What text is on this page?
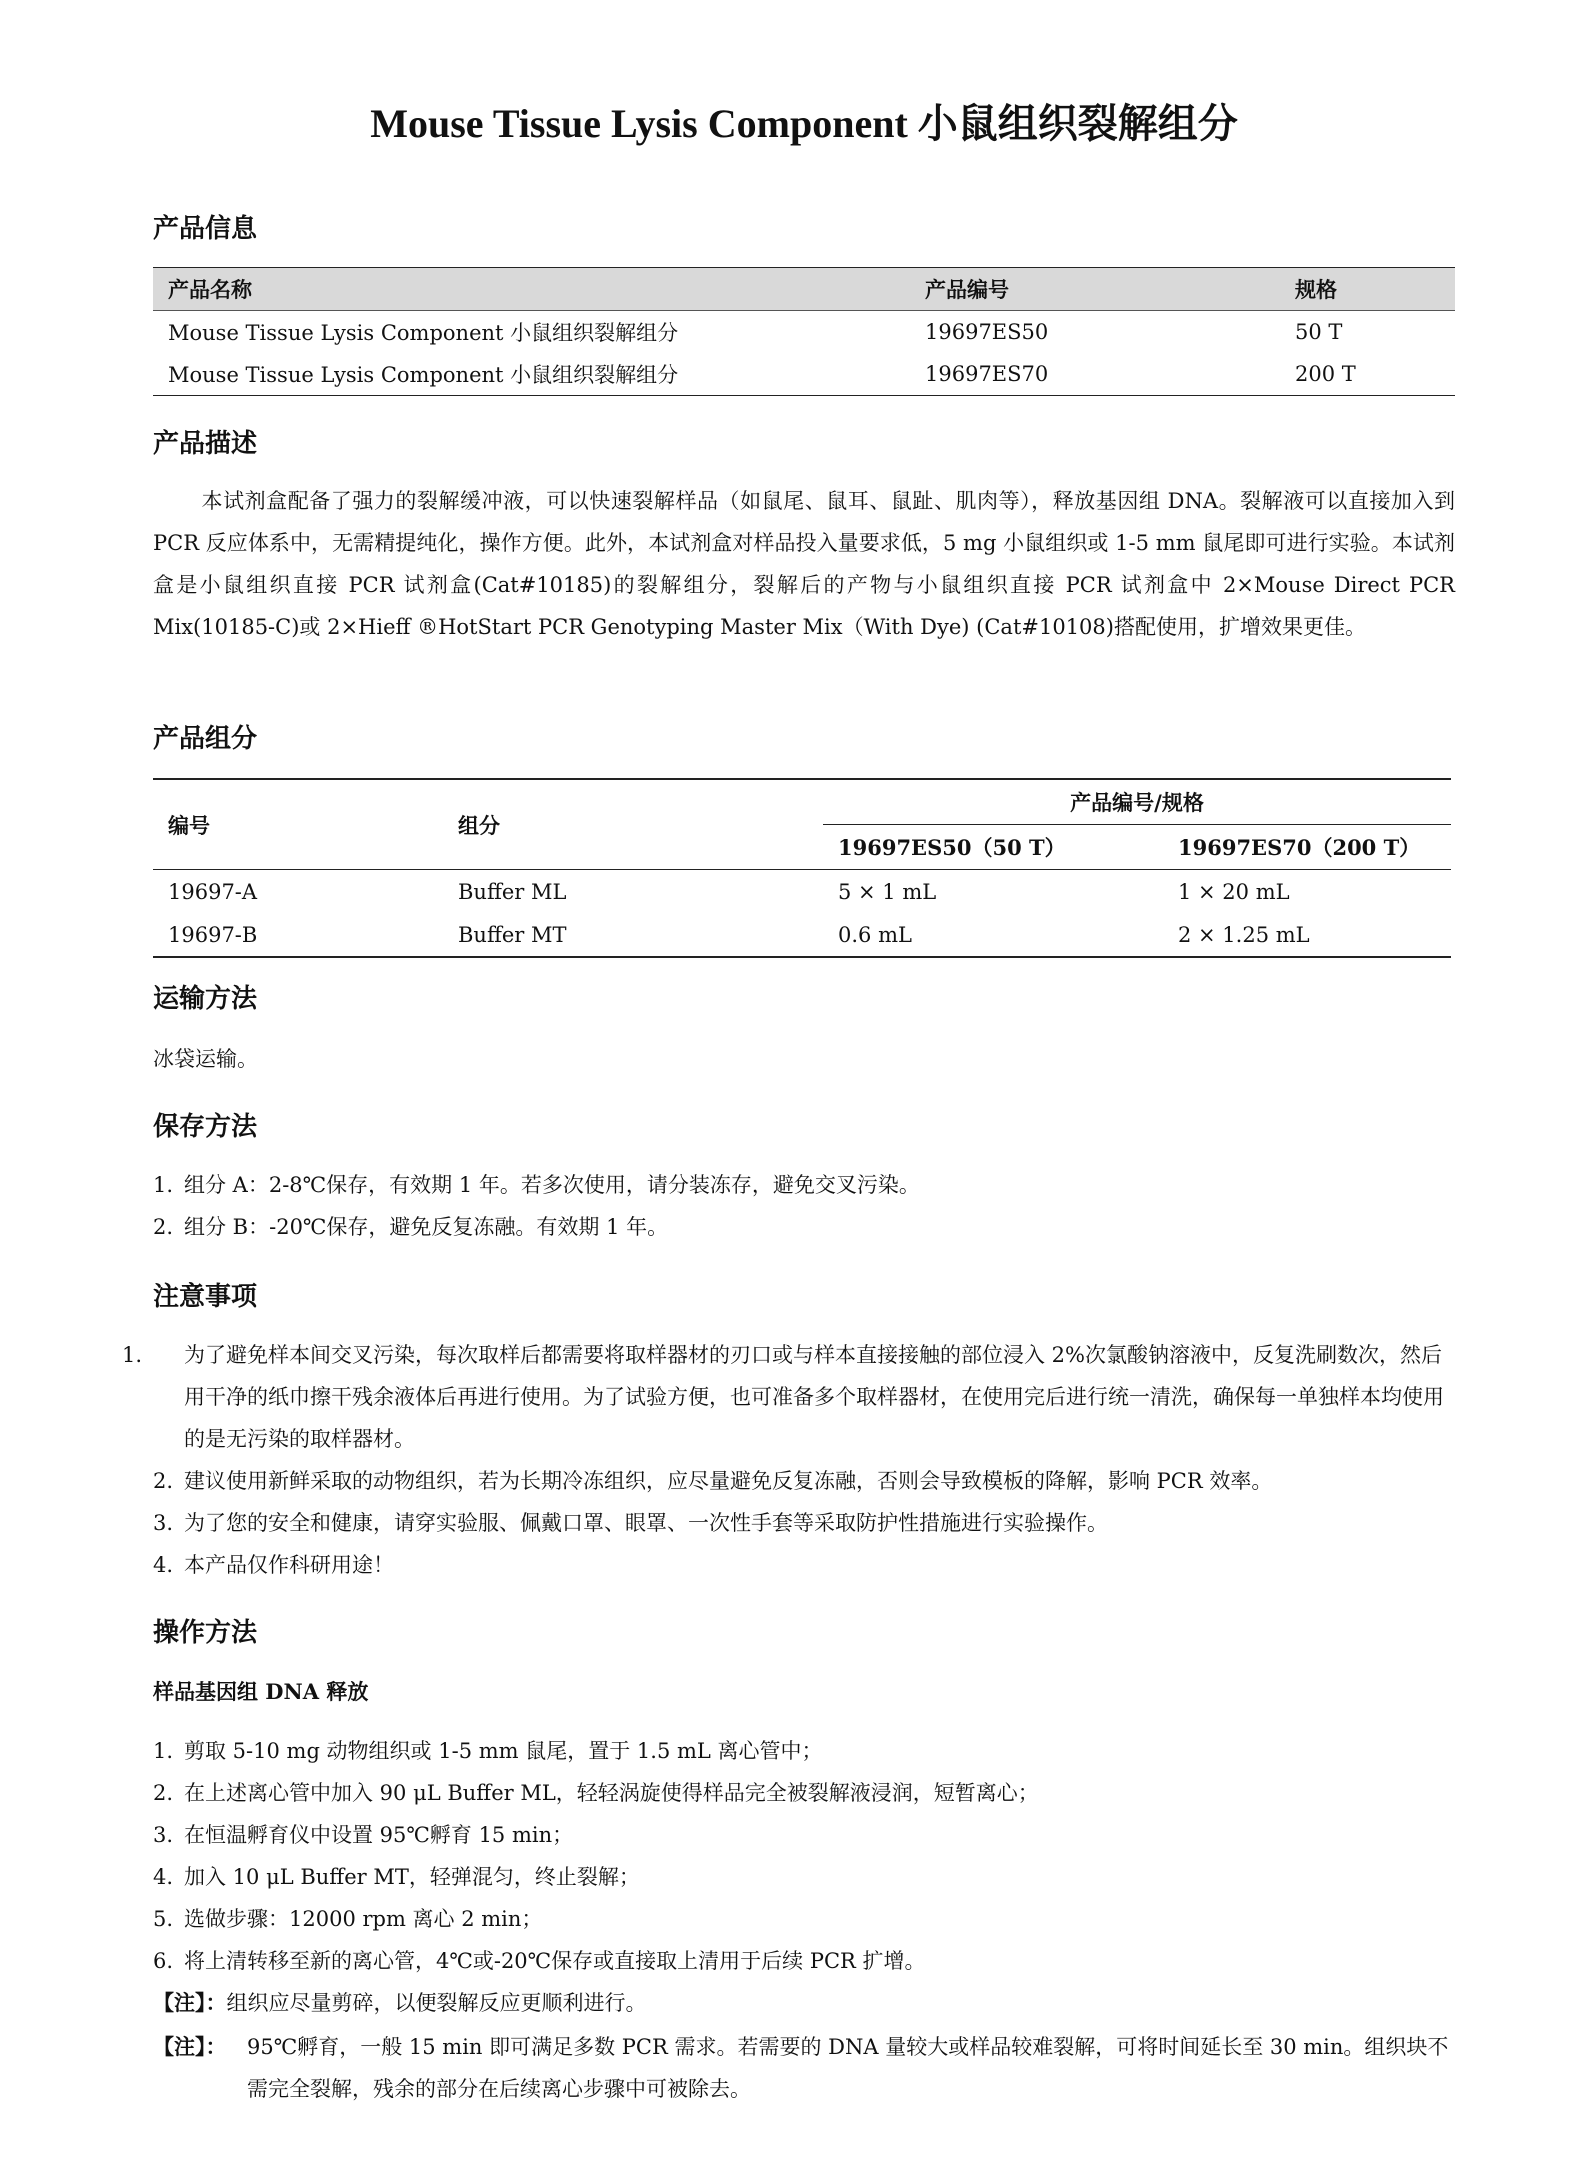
Mouse Tissue Lysis Component 小鼠组织裂解组分
产品信息
产品名称	产品编号	规格
Mouse Tissue Lysis Component 小鼠组织裂解组分	19697ES50	50 T
Mouse Tissue Lysis Component 小鼠组织裂解组分	19697ES70	200 T
产品描述
本试剂盒配备了强力的裂解缓冲液，可以快速裂解样品（如鼠尾、鼠耳、鼠趾、肌肉等），释放基因组 DNA。裂解液可以直接加入到 PCR 反应体系中，无需精提纯化，操作方便。此外，本试剂盒对样品投入量要求低，5 mg 小鼠组织或 1-5 mm 鼠尾即可进行实验。本试剂盒是小鼠组织直接 PCR 试剂盒(Cat#10185)的裂解组分，裂解后的产物与小鼠组织直接 PCR 试剂盒中 2×Mouse Direct PCR Mix(10185-C)或 2×Hieff ®HotStart PCR Genotyping Master Mix（With Dye) (Cat#10108)搭配使用，扩增效果更佳。
产品组分
编号	组分	产品编号/规格	
		19697ES50（50 T）	19697ES70（200 T）
19697-A	Buffer ML	5 × 1 mL	1 × 20 mL
19697-B	Buffer MT	0.6 mL	2 × 1.25 mL
运输方法
冰袋运输。
保存方法
1. 组分 A：2-8℃保存，有效期 1 年。若多次使用，请分装冻存，避免交叉污染。
2. 组分 B：-20℃保存，避免反复冻融。有效期 1 年。
注意事项
1. 为了避免样本间交叉污染，每次取样后都需要将取样器材的刃口或与样本直接接触的部位浸入 2%次氯酸钠溶液中，反复洗刷数次，然后用干净的纸巾擦干残余液体后再进行使用。为了试验方便，也可准备多个取样器材，在使用完后进行统一清洗，确保每一单独样本均使用的是无污染的取样器材。
2. 建议使用新鲜采取的动物组织，若为长期冷冻组织，应尽量避免反复冻融，否则会导致模板的降解，影响 PCR 效率。
3. 为了您的安全和健康，请穿实验服、佩戴口罩、眼罩、一次性手套等采取防护性措施进行实验操作。
4. 本产品仅作科研用途！
操作方法
样品基因组 DNA 释放
1. 剪取 5-10 mg 动物组织或 1-5 mm 鼠尾，置于 1.5 mL 离心管中；
2. 在上述离心管中加入 90 μL Buffer ML，轻轻涡旋使得样品完全被裂解液浸润，短暂离心；
3. 在恒温孵育仪中设置 95℃孵育 15 min；
4. 加入 10 μL Buffer MT，轻弹混匀，终止裂解；
5. 选做步骤：12000 rpm 离心 2 min；
6. 将上清转移至新的离心管，4℃或-20℃保存或直接取上清用于后续 PCR 扩增。
【注】：组织应尽量剪碎，以便裂解反应更顺利进行。
【注】： 95℃孵育，一般 15 min 即可满足多数 PCR 需求。若需要的 DNA 量较大或样品较难裂解，可将时间延长至 30 min。组织块不需完全裂解，残余的部分在后续离心步骤中可被除去。
